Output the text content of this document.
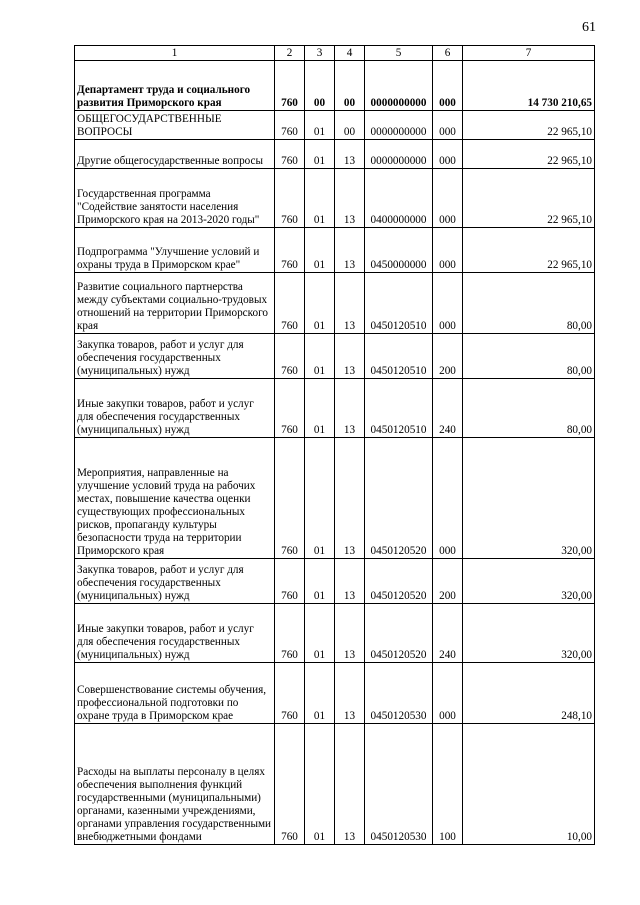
61
1	2	3	4	5	6	7
Департамент труда и социального развития Приморского края	760	00	00	0000000000	000	14 730 210,65
ОБЩЕГОСУДАРСТВЕННЫЕ ВОПРОСЫ	760	01	00	0000000000	000	22 965,10
Другие общегосударственные вопросы	760	01	13	0000000000	000	22 965,10
Государственная программа "Содействие занятости населения Приморского края на 2013-2020 годы"	760	01	13	0400000000	000	22 965,10
Подпрограмма "Улучшение условий и охраны труда в Приморском крае"	760	01	13	0450000000	000	22 965,10
Развитие социального партнерства между субъектами социально-трудовых отношений на территории Приморского края	760	01	13	0450120510	000	80,00
Закупка товаров, работ и услуг для обеспечения государственных (муниципальных) нужд	760	01	13	0450120510	200	80,00
Иные закупки товаров, работ и услуг для обеспечения государственных (муниципальных) нужд	760	01	13	0450120510	240	80,00
Мероприятия, направленные на улучшение условий труда на рабочих местах, повышение качества оценки существующих профессиональных рисков, пропаганду культуры безопасности труда на территории Приморского края	760	01	13	0450120520	000	320,00
Закупка товаров, работ и услуг для обеспечения государственных (муниципальных) нужд	760	01	13	0450120520	200	320,00
Иные закупки товаров, работ и услуг для обеспечения государственных (муниципальных) нужд	760	01	13	0450120520	240	320,00
Совершенствование системы обучения, профессиональной подготовки по охране труда в Приморском крае	760	01	13	0450120530	000	248,10
Расходы на выплаты персоналу в целях обеспечения выполнения функций государственными (муниципальными) органами, казенными учреждениями, органами управления государственными внебюджетными фондами	760	01	13	0450120530	100	10,00
